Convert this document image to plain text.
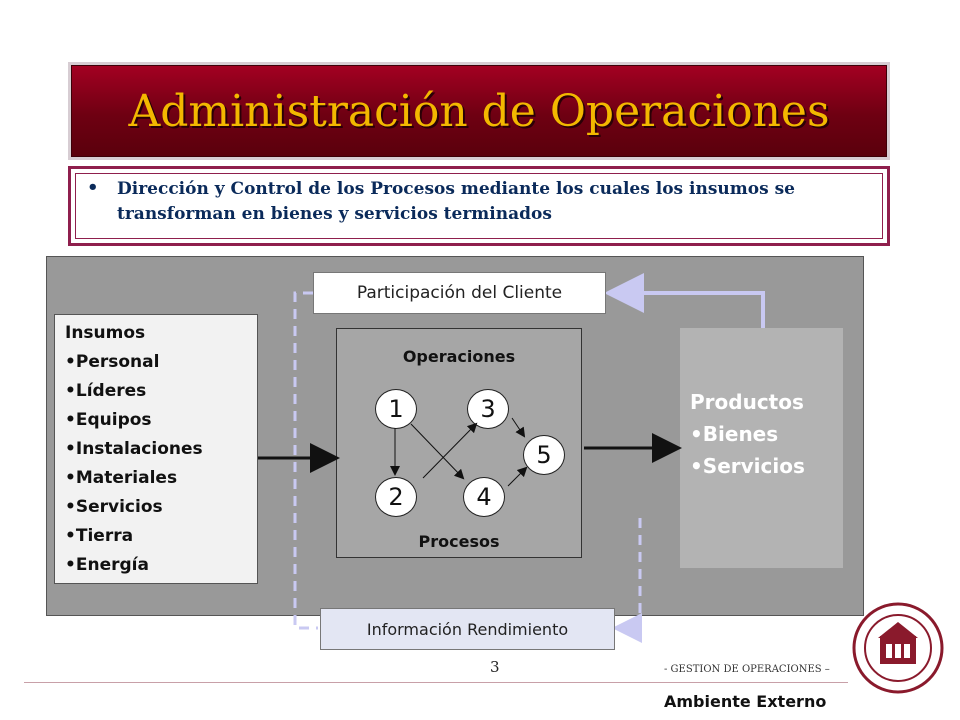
Administración de Operaciones
• Dirección y Control de los Procesos mediante los cuales los insumos se transforman en bienes y servicios terminados
Insumos
•Personal
•Líderes
•Equipos
•Instalaciones
•Materiales
•Servicios
•Tierra
•Energía
Operaciones
1
2
3
4
5
Procesos
Productos
•Bienes
•Servicios
Participación del Cliente
Información Rendimiento
3	- GESTION DE OPERACIONES –
Ambiente Externo
